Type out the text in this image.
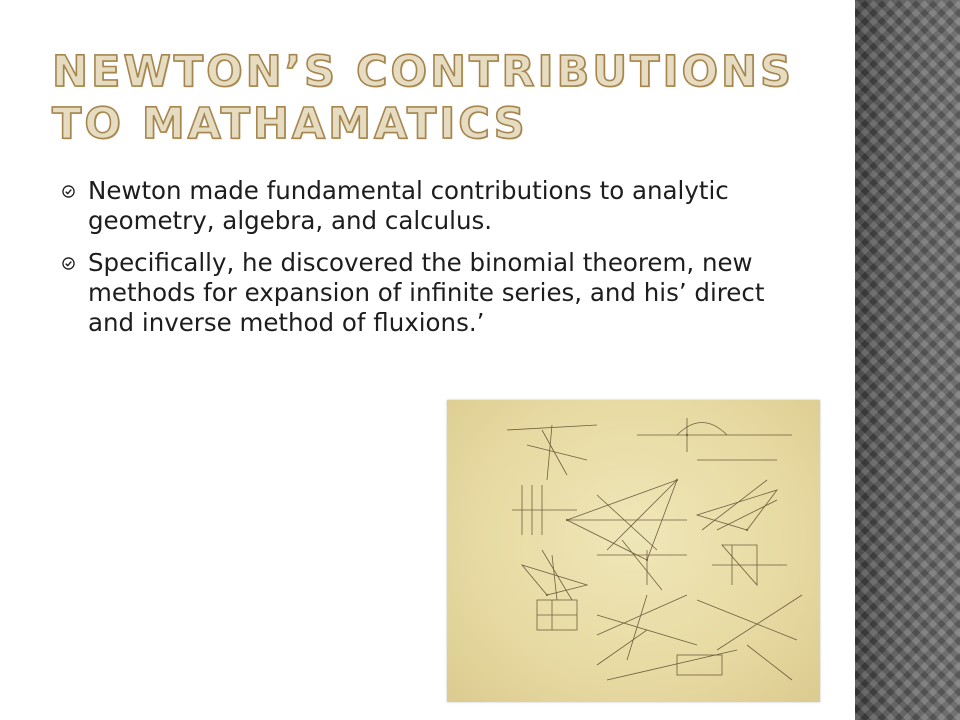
NEWTON’S CONTRIBUTIONS TO MATHAMATICS
Newton made fundamental contributions to analytic geometry, algebra, and calculus.
Specifically, he discovered the binomial theorem, new methods for expansion of infinite series, and his’ direct and inverse method of fluxions.’
